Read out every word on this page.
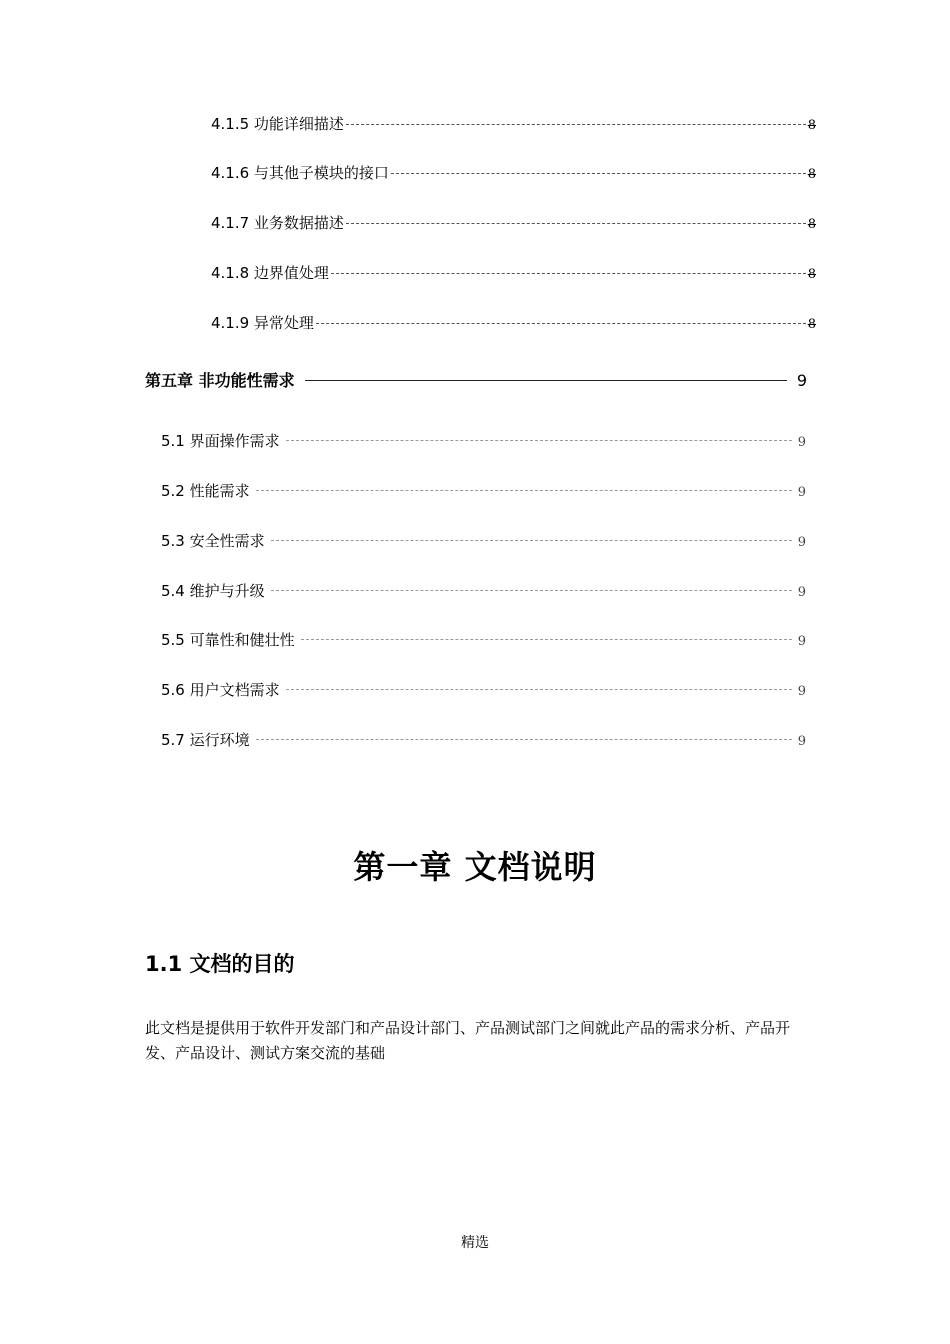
4.1.5 功能详细描述	8
4.1.6 与其他子模块的接口	8
4.1.7 业务数据描述	8
4.1.8 边界值处理	8
4.1.9 异常处理	8
第五章 非功能性需求	9
5.1 界面操作需求	9
5.2 性能需求	9
5.3 安全性需求	9
5.4 维护与升级	9
5.5 可靠性和健壮性	9
5.6 用户文档需求	9
5.7 运行环境	9
第一章 文档说明
1.1 文档的目的
此文档是提供用于软件开发部门和产品设计部门、产品测试部门之间就此产品的需求分析、产品开发、产品设计、测试方案交流的基础
精选
